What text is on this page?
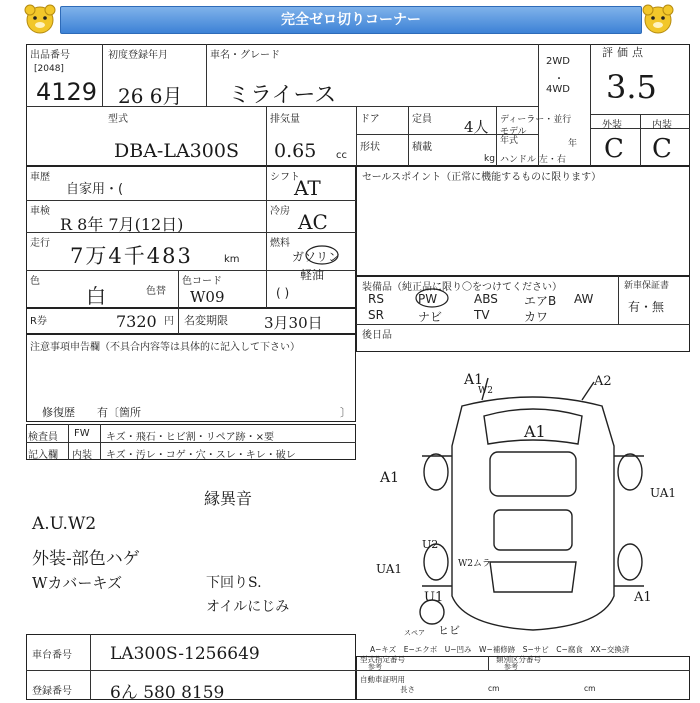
完全ゼロ切りコーナー
出品番号
[2048]
4129
初度登録年月
26 6月
車名・グレード
ミライース
2WD
・
4WD
評価点
3.5
外装	内装
C C
型式
DBA-LA300S
排気量
0.65 cc
ドア	定員 4人 ディーラー・並行
形状	積載
kg
モデル年式	年
ハンドル 左・右
車歴
自家用・(
シフト
AT
車検
R 8年 7月(12日)
冷房 AC
走行
7万4千483	km
燃料
ガソリン
軽油
( )
色
白	色替
色コード
W09
R券	7320 円 名変期限 3月30日
セールスポイント（正常に機能するものに限ります）
装備品（純正品に限り〇をつけてください）	新車保証書
有・無
後日品
注意事項申告欄（不具合内容等は具体的に記入して下さい）
修復歴　　有〔箇所	〕
検査員
記入欄
FW キズ・飛石・ヒビ割・リペア跡・×要
内装 キズ・汚レ・コゲ・穴・スレ・キレ・破レ
A.U.W2
外装-部色ハゲ
Wカバーキズ
縁異音
下回りS.
オイルにじみ
A1
W2
A2
A1
A1
UA1
UA1
U2
W2ムラ
U1	A1
ヒビ
スペア
A−キズ　E−エクボ　U−凹み　W−補修跡　S−サビ　C−腐食　XX−交換済
車台番号 LA300S-1256649
登録番号 6ん 580 8159
型式指定番号
参考
類別区分番号
参考
自動車証明用
長さ	cm	cm
RS	PW	ABS エアB AW
SR	ナビ	TV	カワ
